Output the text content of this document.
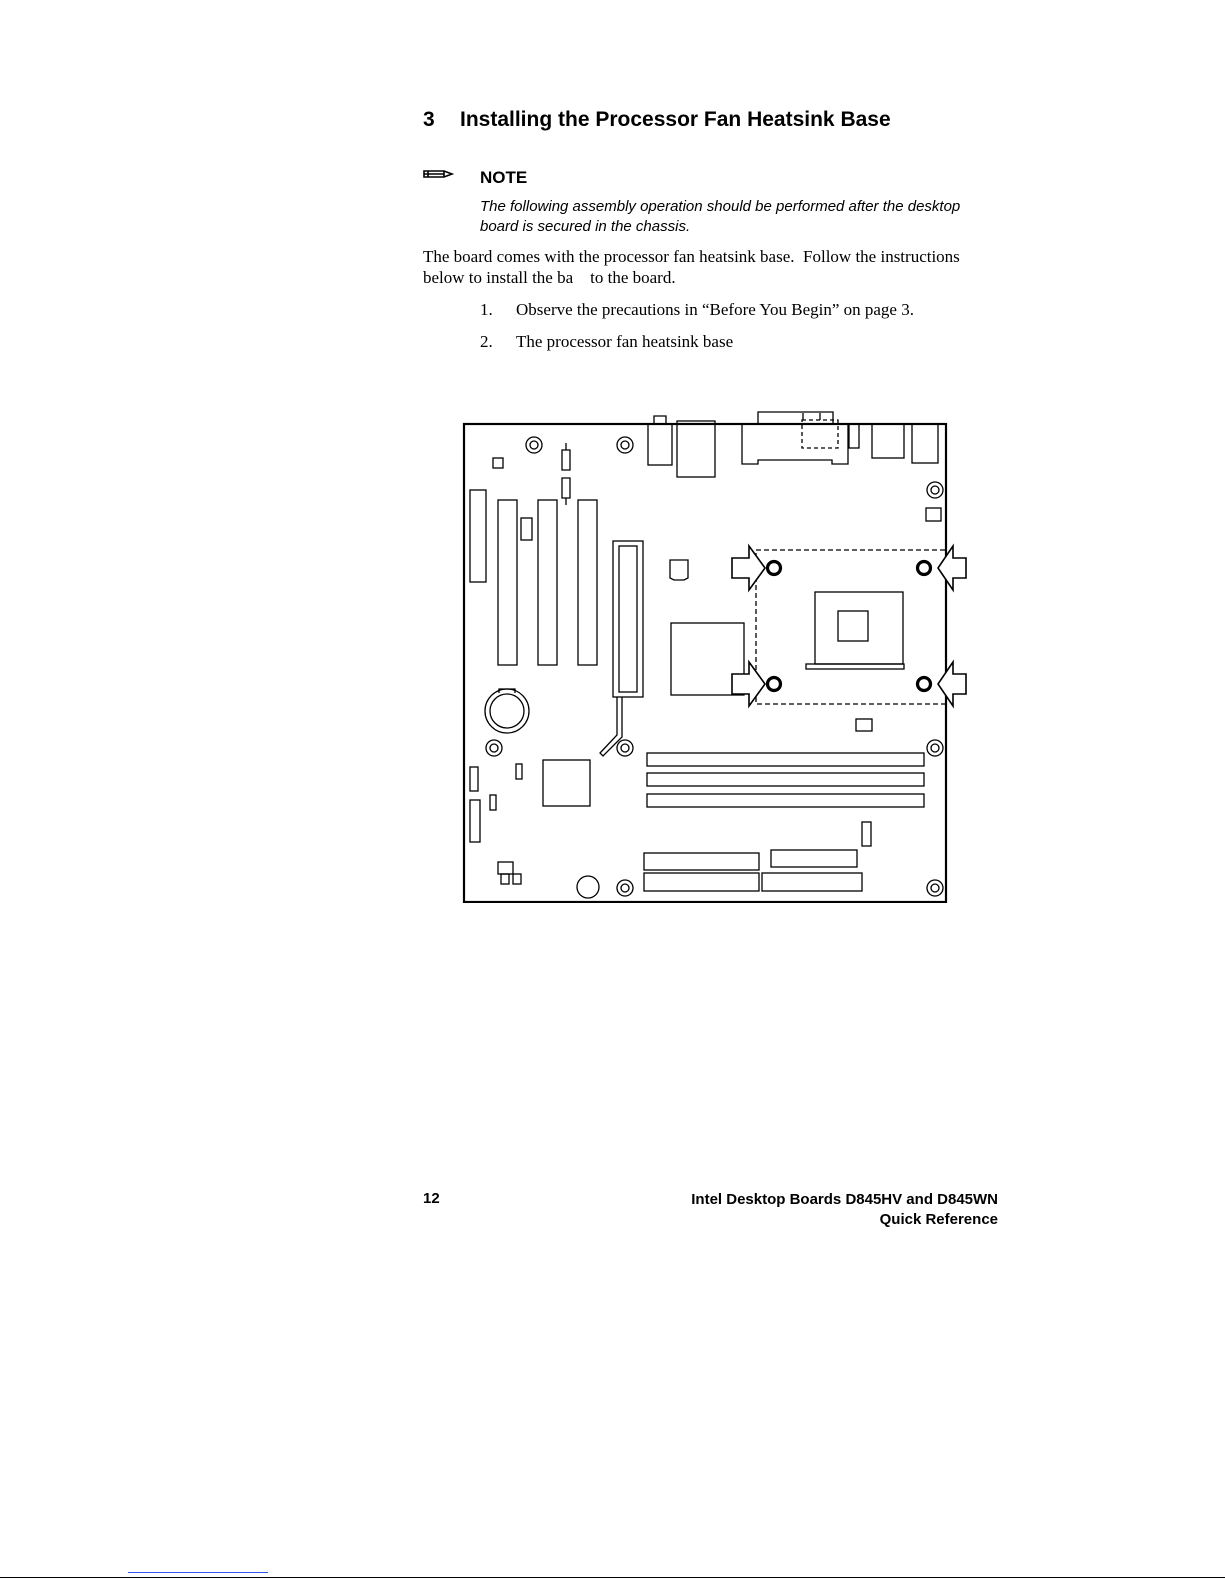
3 Installing the Processor Fan Heatsink Base
NOTE
The following assembly operation should be performed after the desktop board is secured in the chassis.
The board comes with the processor fan heatsink base.  Follow the instructions below to install the ba    to the board.
1. Observe the precautions in “Before You Begin” on page 3.
2. The processor fan heatsink base
12	Intel Desktop Boards D845HV and D845WN
Quick Reference
